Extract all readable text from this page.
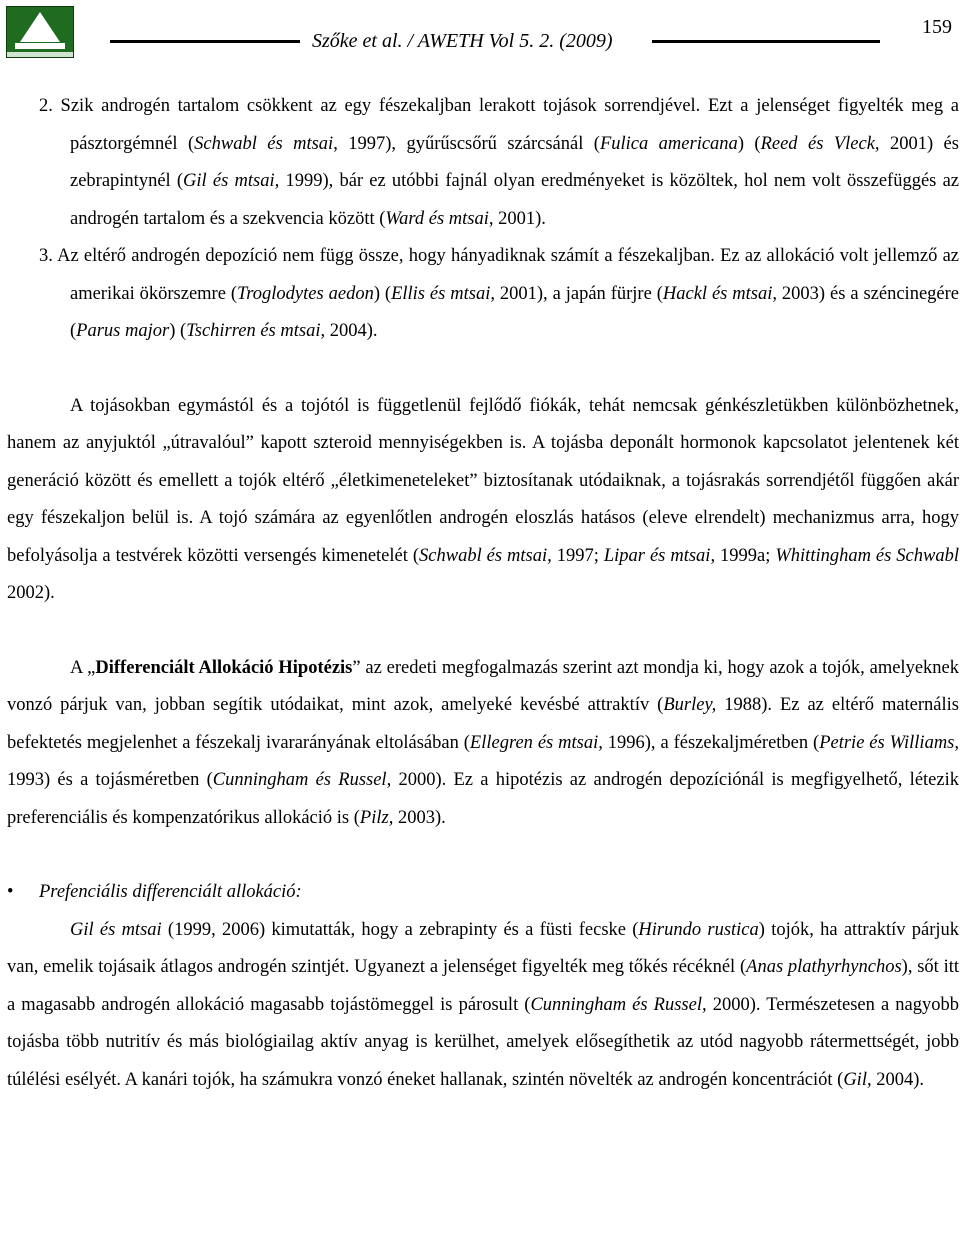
Szőke et al. / AWETH Vol 5. 2. (2009)
159

2. Szik androgén tartalom csökkent az egy fészekaljban lerakott tojások sorrendjével. Ezt a jelenséget figyelték meg a pásztorgémnél (Schwabl és mtsai, 1997), gyűrűscsőrű szárcsánál (Fulica americana) (Reed és Vleck, 2001) és zebrapintynél (Gil és mtsai, 1999), bár ez utóbbi fajnál olyan eredményeket is közöltek, hol nem volt összefüggés az androgén tartalom és a szekvencia között (Ward és mtsai, 2001).

3. Az eltérő androgén depozíció nem függ össze, hogy hányadiknak számít a fészekaljban. Ez az allokáció volt jellemző az amerikai ökörszemre (Troglodytes aedon) (Ellis és mtsai, 2001), a japán fürjre (Hackl és mtsai, 2003) és a széncinegére (Parus major) (Tschirren és mtsai, 2004).

A tojásokban egymástól és a tojótól is függetlenül fejlődő fiókák, tehát nemcsak génkészletükben különbözhetnek, hanem az anyjuktól „útravalóul” kapott szteroid mennyiségekben is. A tojásba deponált hormonok kapcsolatot jelentenek két generáció között és emellett a tojók eltérő „életkimeneteleket” biztosítanak utódaiknak, a tojásrakás sorrendjétől függően akár egy fészekaljon belül is. A tojó számára az egyenlőtlen androgén eloszlás hatásos (eleve elrendelt) mechanizmus arra, hogy befolyásolja a testvérek közötti versengés kimenetelét (Schwabl és mtsai, 1997; Lipar és mtsai, 1999a; Whittingham és Schwabl 2002).

A „Differenciált Allokáció Hipotézis” az eredeti megfogalmazás szerint azt mondja ki, hogy azok a tojók, amelyeknek vonzó párjuk van, jobban segítik utódaikat, mint azok, amelyeké kevésbé attraktív (Burley, 1988). Ez az eltérő maternális befektetés megjelenhet a fészekalj ivararányának eltolásában (Ellegren és mtsai, 1996), a fészekaljméretben (Petrie és Williams, 1993) és a tojásméretben (Cunningham és Russel, 2000). Ez a hipotézis az androgén depozíciónál is megfigyelhető, létezik preferenciális és kompenzatórikus allokáció is (Pilz, 2003).

• Prefenciális differenciált allokáció:

Gil és mtsai (1999, 2006) kimutatták, hogy a zebrapinty és a füsti fecske (Hirundo rustica) tojók, ha attraktív párjuk van, emelik tojásaik átlagos androgén szintjét. Ugyanezt a jelenséget figyelték meg tőkés récéknél (Anas plathyrhynchos), sőt itt a magasabb androgén allokáció magasabb tojástömeggel is párosult (Cunningham és Russel, 2000). Természetesen a nagyobb tojásba több nutritív és más biológiailag aktív anyag is kerülhet, amelyek elősegíthetik az utód nagyobb rátermettségét, jobb túlélési esélyét. A kanári tojók, ha számukra vonzó éneket hallanak, szintén növelték az androgén koncentrációt (Gil, 2004).
